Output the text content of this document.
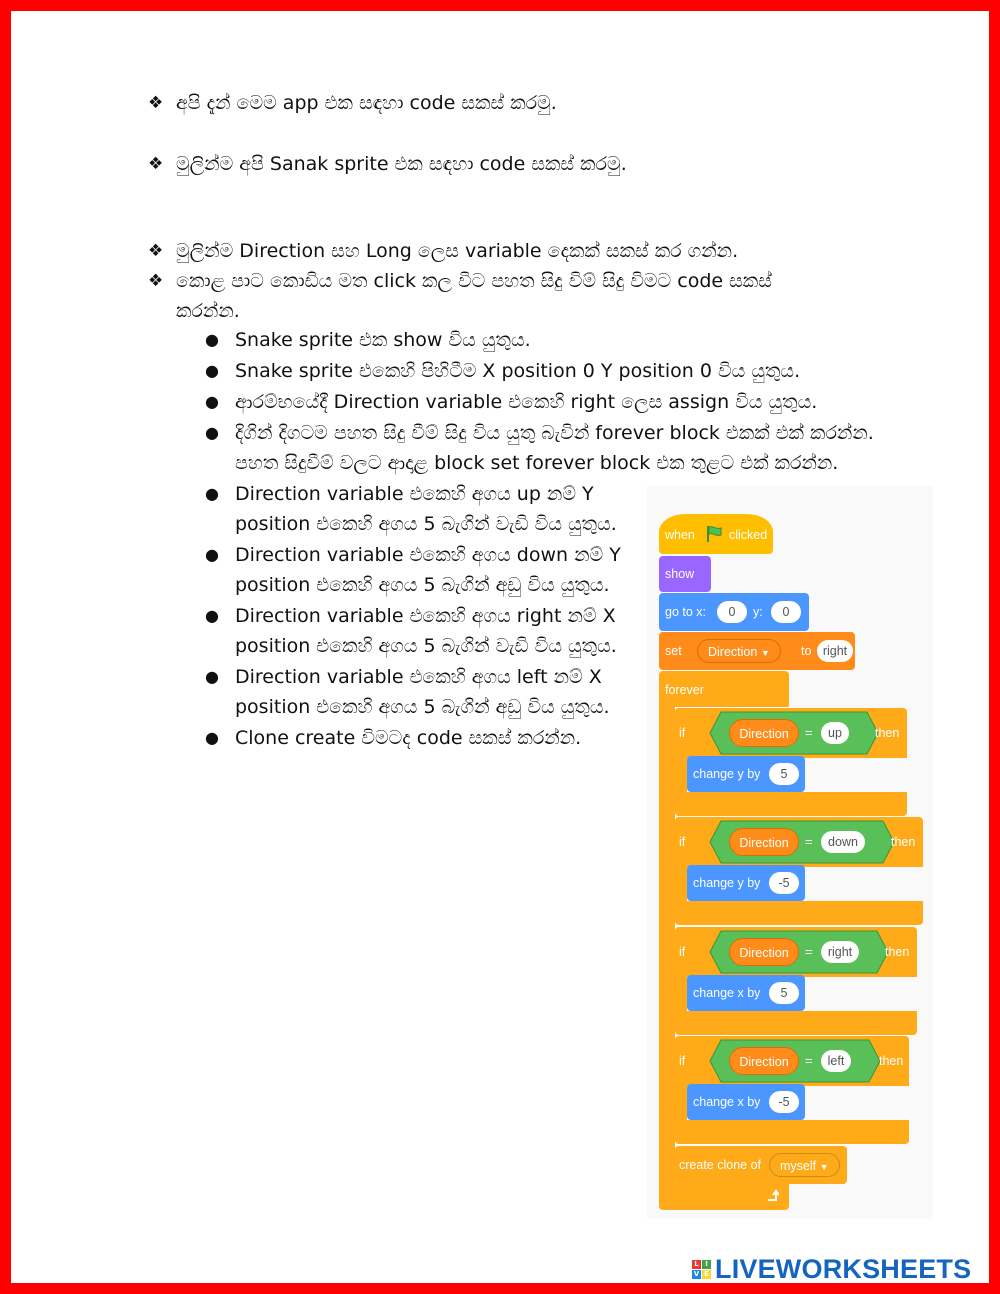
❖ අපි දැන් මෙම app එක සඳහා code සකස් කරමු.
❖ මුලින්ම අපි Sanak sprite එක සඳහා code සකස් කරමු.
❖ මුලින්ම Direction සහ Long ලෙස variable දෙකක් සකස් කර ගන්න.
❖ කොළ පාට කොඩිය මත click කල විට පහත සිදු විම් සිදු විමට code සකස් කරන්න.
● Snake sprite එක show විය යුතුය.
● Snake sprite එකෙහි පිහිටීම X position 0 Y position 0 විය යුතුය.
● ආරම්භයේදී Direction variable එකෙහි right ලෙස assign විය යුතුය.
● දිගින් දිගටම පහත සිදු වීම් සිදු විය යුතු බැවින් forever block එකක් එක් කරන්න. පහත සිදුවීම් වලට ආදාළ block set forever block එක තුළට එක් කරන්න.
● Direction variable එකෙහි අගය up නම් Y position එකෙහි අගය 5 බැගින් වැඩි විය යුතුය.
● Direction variable එකෙහි අගය down නම් Y position එකෙහි අගය 5 බැගින් අඩු විය යුතුය.
● Direction variable එකෙහි අගය right නම් X position එකෙහි අගය 5 බැගින් වැඩි විය යුතුය.
● Direction variable එකෙහි අගය left නම් X position එකෙහි අගය 5 බැගින් අඩු විය යුතුය.
● Clone create විමටද code සකස් කරන්න.
when	clicked
show
go to x:	0	y:	0
set	Direction ▼	to right
forever
if	Direction	=	up	then
change y by	5
if	Direction	=	down	then
change y by	-5
if	Direction	=	right	then
change x by	5
if	Direction	=	left	then
change x by	-5
create clone of	myself ▼
L I
V E LIVEWORKSHEETS
